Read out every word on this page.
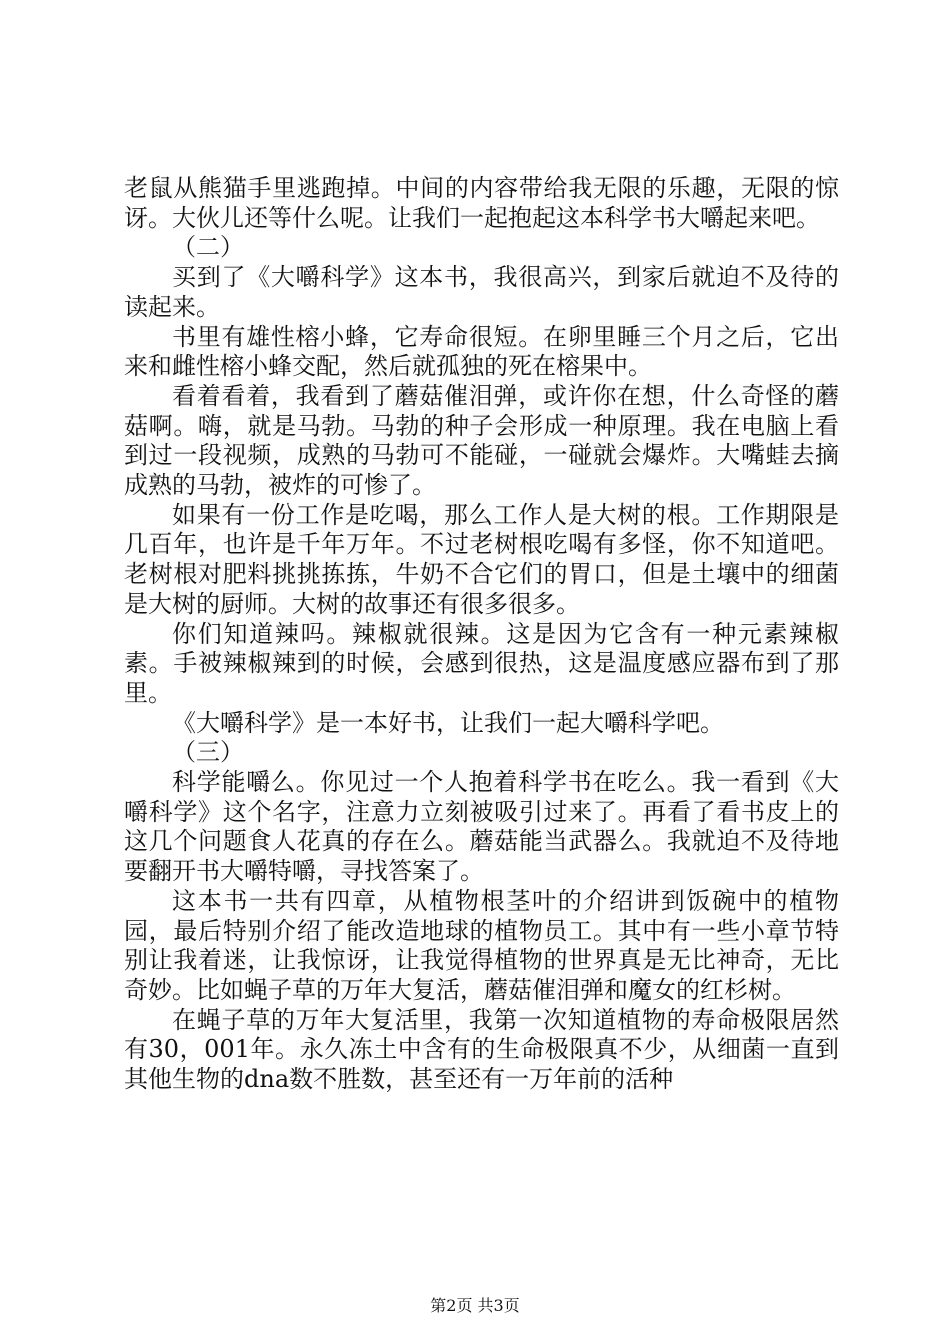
老鼠从熊猫手里逃跑掉。中间的内容带给我无限的乐趣，无限的惊讶。大伙儿还等什么呢。让我们一起抱起这本科学书大嚼起来吧。

（二）

买到了《大嚼科学》这本书，我很高兴，到家后就迫不及待的读起来。

书里有雄性榕小蜂，它寿命很短。在卵里睡三个月之后，它出来和雌性榕小蜂交配，然后就孤独的死在榕果中。

看着看着，我看到了蘑菇催泪弹，或许你在想，什么奇怪的蘑菇啊。嗨，就是马勃。马勃的种子会形成一种原理。我在电脑上看到过一段视频，成熟的马勃可不能碰，一碰就会爆炸。大嘴蛙去摘成熟的马勃，被炸的可惨了。

如果有一份工作是吃喝，那么工作人是大树的根。工作期限是几百年，也许是千年万年。不过老树根吃喝有多怪，你不知道吧。老树根对肥料挑挑拣拣，牛奶不合它们的胃口，但是土壤中的细菌是大树的厨师。大树的故事还有很多很多。

你们知道辣吗。辣椒就很辣。这是因为它含有一种元素辣椒素。手被辣椒辣到的时候，会感到很热，这是温度感应器布到了那里。

《大嚼科学》是一本好书，让我们一起大嚼科学吧。

（三）

科学能嚼么。你见过一个人抱着科学书在吃么。我一看到《大嚼科学》这个名字，注意力立刻被吸引过来了。再看了看书皮上的这几个问题食人花真的存在么。蘑菇能当武器么。我就迫不及待地要翻开书大嚼特嚼，寻找答案了。

这本书一共有四章，从植物根茎叶的介绍讲到饭碗中的植物园，最后特别介绍了能改造地球的植物员工。其中有一些小章节特别让我着迷，让我惊讶，让我觉得植物的世界真是无比神奇，无比奇妙。比如蝇子草的万年大复活，蘑菇催泪弹和魔女的红杉树。

在蝇子草的万年大复活里，我第一次知道植物的寿命极限居然有30，001年。永久冻土中含有的生命极限真不少，从细菌一直到其他生物的dna数不胜数，甚至还有一万年前的活种

第2页 共3页
